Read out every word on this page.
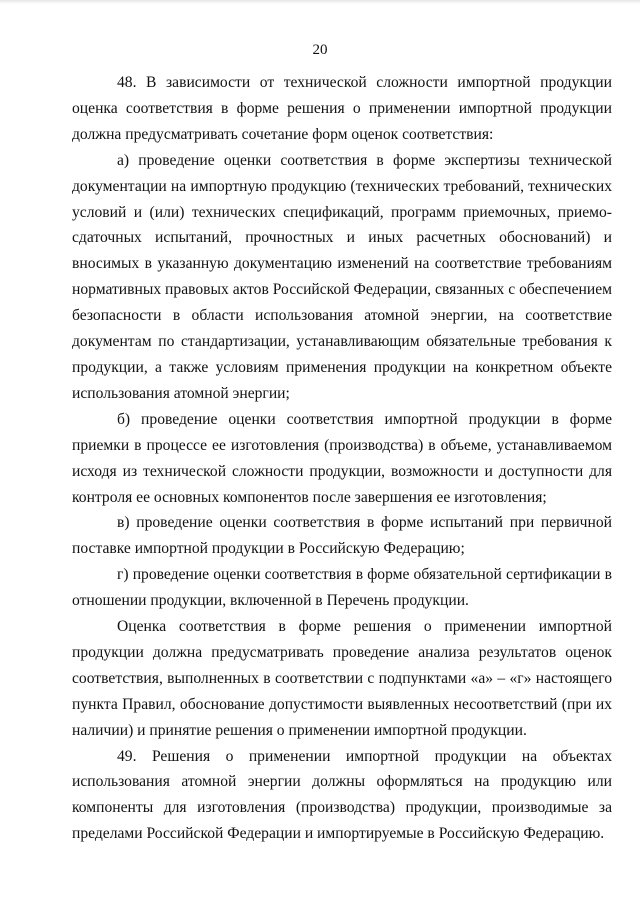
20

48. В зависимости от технической сложности импортной продукции оценка соответствия в форме решения о применении импортной продукции должна предусматривать сочетание форм оценок соответствия:

а) проведение оценки соответствия в форме экспертизы технической документации на импортную продукцию (технических требований, технических условий и (или) технических спецификаций, программ приемочных, приемо-сдаточных испытаний, прочностных и иных расчетных обоснований) и вносимых в указанную документацию изменений на соответствие требованиям нормативных правовых актов Российской Федерации, связанных с обеспечением безопасности в области использования атомной энергии, на соответствие документам по стандартизации, устанавливающим обязательные требования к продукции, а также условиям применения продукции на конкретном объекте использования атомной энергии;

б) проведение оценки соответствия импортной продукции в форме приемки в процессе ее изготовления (производства) в объеме, устанавливаемом исходя из технической сложности продукции, возможности и доступности для контроля ее основных компонентов после завершения ее изготовления;

в) проведение оценки соответствия в форме испытаний при первичной поставке импортной продукции в Российскую Федерацию;

г) проведение оценки соответствия в форме обязательной сертификации в отношении продукции, включенной в Перечень продукции.

Оценка соответствия в форме решения о применении импортной продукции должна предусматривать проведение анализа результатов оценок соответствия, выполненных в соответствии с подпунктами «а» – «г» настоящего пункта Правил, обоснование допустимости выявленных несоответствий (при их наличии) и принятие решения о применении импортной продукции.

49. Решения о применении импортной продукции на объектах использования атомной энергии должны оформляться на продукцию или компоненты для изготовления (производства) продукции, производимые за пределами Российской Федерации и импортируемые в Российскую Федерацию.
